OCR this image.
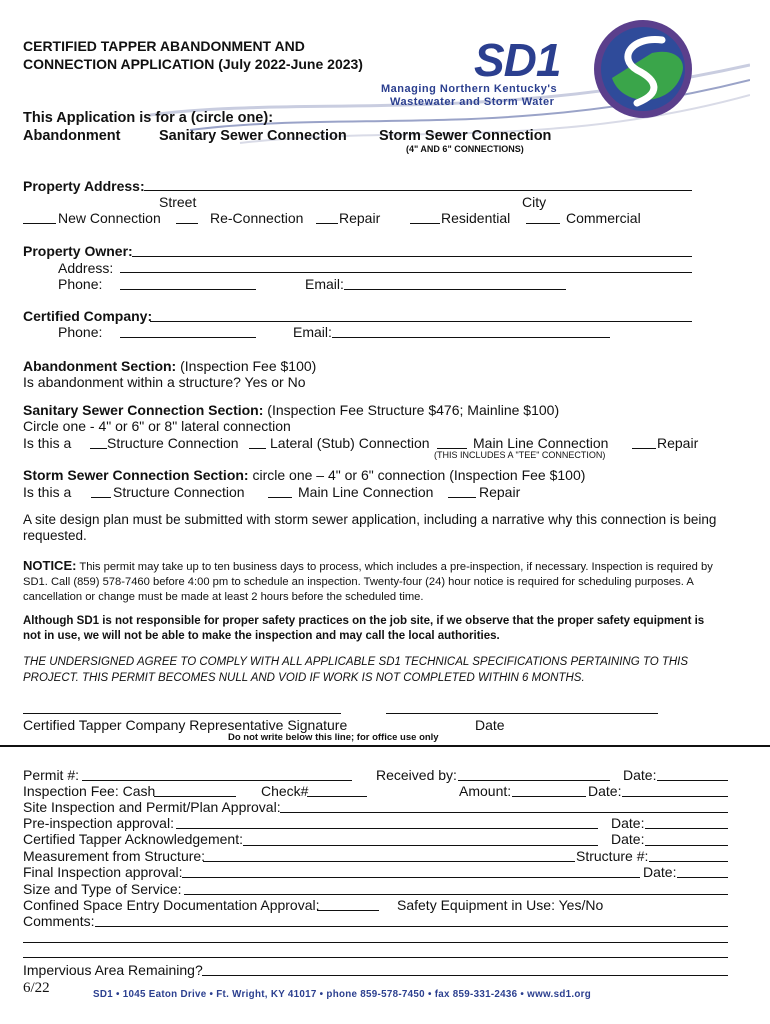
CERTIFIED TAPPER ABANDONMENT AND
CONNECTION APPLICATION (July 2022-June 2023) SD1
Managing Northern Kentucky's
Wastewater and Storm Water
This Application is for a (circle one):
Abandonment	Sanitary Sewer Connection Storm Sewer Connection
(4" AND 6" CONNECTIONS)
Property Address:
Street	City
New Connection	Re-Connection	Repair	Residential	Commercial
Property Owner:
Address:
Phone:	Email:
Certified Company:
Phone:	Email:
Abandonment Section: (Inspection Fee $100)
Is abandonment within a structure? Yes or No
Sanitary Sewer Connection Section: (Inspection Fee Structure $476; Mainline $100)
Circle one - 4" or 6" or 8" lateral connection
Is this a	Structure Connection Lateral (Stub) Connection	Main Line Connection	Repair
(THIS INCLUDES A "TEE" CONNECTION)
Storm Sewer Connection Section: circle one – 4" or 6" connection (Inspection Fee $100)
Is this a	Structure Connection	Main Line Connection	Repair
A site design plan must be submitted with storm sewer application, including a narrative why this connection is being requested.
NOTICE: This permit may take up to ten business days to process, which includes a pre-inspection, if necessary. Inspection is required by SD1. Call (859) 578-7460 before 4:00 pm to schedule an inspection. Twenty-four (24) hour notice is required for scheduling purposes. A cancellation or change must be made at least 2 hours before the scheduled time.
Although SD1 is not responsible for proper safety practices on the job site, if we observe that the proper safety equipment is not in use, we will not be able to make the inspection and may call the local authorities.
THE UNDERSIGNED AGREE TO COMPLY WITH ALL APPLICABLE SD1 TECHNICAL SPECIFICATIONS PERTAINING TO THIS PROJECT. THIS PERMIT BECOMES NULL AND VOID IF WORK IS NOT COMPLETED WITHIN 6 MONTHS.
Certified Tapper Company Representative Signature	Date
Do not write below this line; for office use only
Permit #:	Received by:	Date:
Inspection Fee: Cash	Check#	Amount:	Date:
Site Inspection and Permit/Plan Approval:
Pre-inspection approval:	Date:
Certified Tapper Acknowledgement:	Date:
Measurement from Structure:	Structure #:
Final Inspection approval:	Date:
Size and Type of Service:
Confined Space Entry Documentation Approval:	Safety Equipment in Use: Yes/No
Comments:
Impervious Area Remaining?
6/22	SD1 • 1045 Eaton Drive • Ft. Wright, KY 41017 • phone 859-578-7450 • fax 859-331-2436 • www.sd1.org
